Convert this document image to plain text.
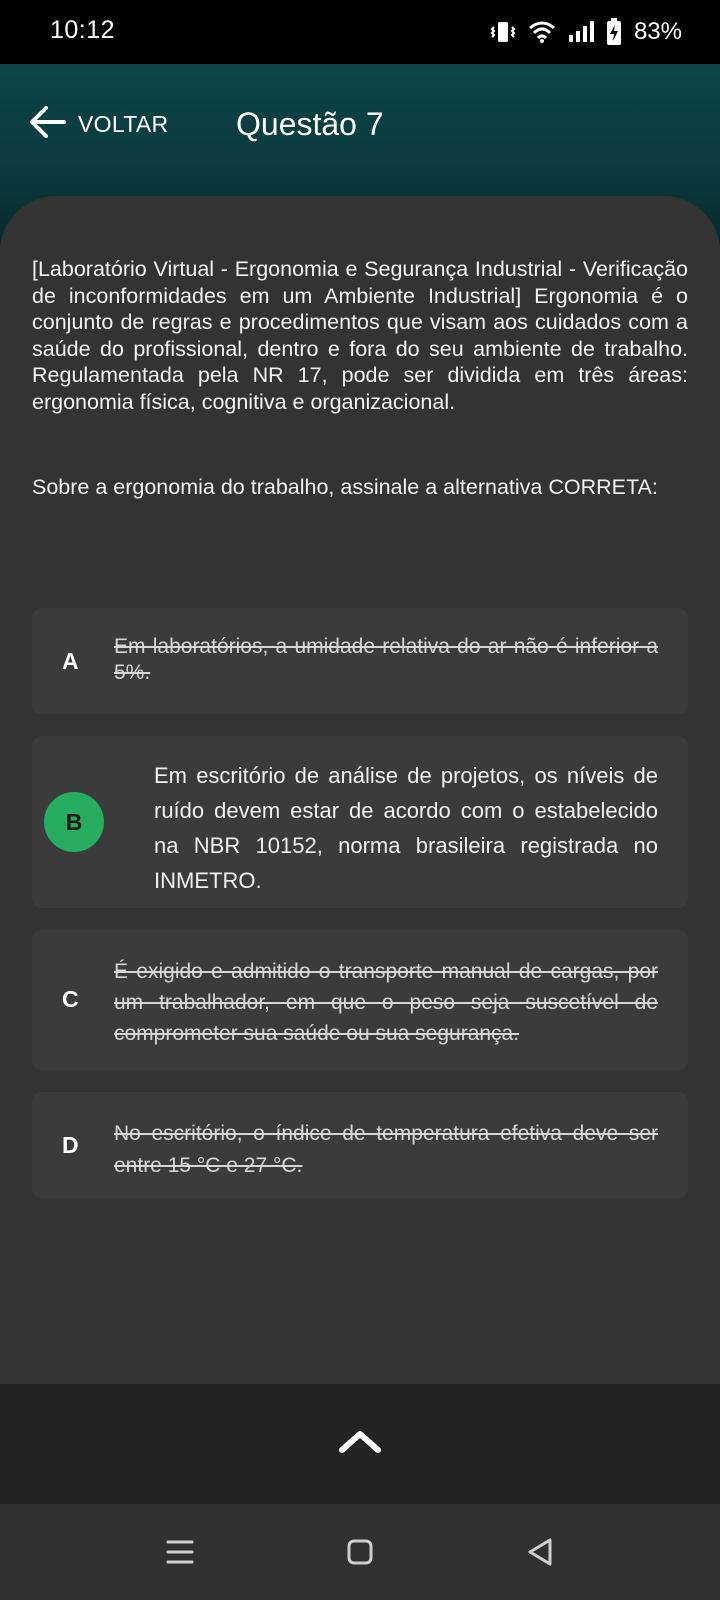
10:12	83%
VOLTAR Questão 7
[Laboratório Virtual - Ergonomia e Segurança Industrial - Verificação de inconformidades em um Ambiente Industrial] Ergonomia é o conjunto de regras e procedimentos que visam aos cuidados com a saúde do profissional, dentro e fora do seu ambiente de trabalho. Regulamentada pela NR 17, pode ser dividida em três áreas: ergonomia física, cognitiva e organizacional.
Sobre a ergonomia do trabalho, assinale a alternativa CORRETA:
A
Em laboratórios, a umidade relativa do ar não é inferior a 5%.
B
Em escritório de análise de projetos, os níveis de ruído devem estar de acordo com o estabelecido na NBR 10152, norma brasileira registrada no INMETRO.
C
É exigido e admitido o transporte manual de cargas, por um trabalhador, em que o peso seja suscetível de comprometer sua saúde ou sua segurança.
D No escritório, o índice de temperatura efetiva deve ser entre 15 °C e 27 °C.
